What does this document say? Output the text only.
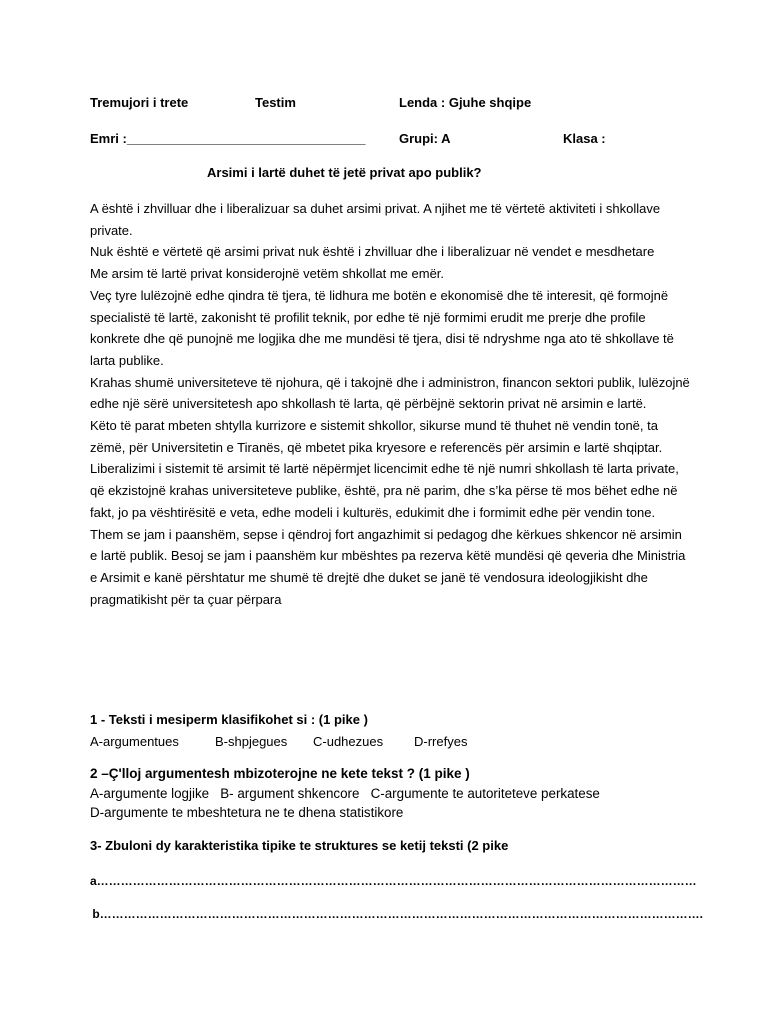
Tremujori i trete	Testim	Lenda : Gjuhe shqipe
Emri :_________________________________	Grupi: A	Klasa :
Arsimi i lartë duhet të jetë privat apo publik?

A është i zhvilluar dhe i liberalizuar sa duhet arsimi privat. A njihet me të vërtetë aktiviteti i shkollave private.

Nuk është e vërtetë që arsimi privat nuk është i zhvilluar dhe i liberalizuar në vendet e mesdhetare

Me arsim të lartë privat konsiderojnë vetëm shkollat me emër.

Veç tyre lulëzojnë edhe qindra të tjera, të lidhura me botën e ekonomisë dhe të interesit, që formojnë specialistë të lartë, zakonisht të profilit teknik, por edhe të një formimi erudit me prerje dhe profile konkrete dhe që punojnë me logjika dhe me mundësi të tjera, disi të ndryshme nga ato të shkollave të larta publike.

Krahas shumë universiteteve të njohura, që i takojnë dhe i administron, financon sektori publik, lulëzojnë edhe një sërë universitetesh apo shkollash të larta, që përbëjnë sektorin privat në arsimin e lartë.

Këto të parat mbeten shtylla kurrizore e sistemit shkollor, sikurse mund të thuhet në vendin tonë, ta zëmë, për Universitetin e Tiranës, që mbetet pika kryesore e referencës për arsimin e lartë shqiptar.

Liberalizimi i sistemit të arsimit të lartë nëpërmjet licencimit edhe të një numri shkollash të larta private, që ekzistojnë krahas universiteteve publike, është, pra në parim, dhe s’ka përse të mos bëhet edhe në fakt, jo pa vështirësitë e veta, edhe modeli i kulturës, edukimit dhe i formimit edhe për vendin tone.

Them se jam i paanshëm, sepse i qëndroj fort angazhimit si pedagog dhe kërkues shkencor në arsimin e lartë publik. Besoj se jam i paanshëm kur mbështes pa rezerva këtë mundësi që qeveria dhe Ministria e Arsimit e kanë përshtatur me shumë të drejtë dhe duket se janë të vendosura ideologjikisht dhe pragmatikisht për ta çuar përpara

1 - Teksti i mesiperm klasifikohet si : (1 pike )
A-argumentues	B-shpjegues C-udhezues D-rrefyes
2 –Ç'lloj argumentesh mbizoterojne ne kete tekst ? (1 pike )
A-argumente logjike   B- argument shkencore   C-argumente te autoriteteve perkatese
D-argumente te mbeshtetura ne te dhena statistikore
3- Zbuloni dy karakteristika tipike te struktures se ketij teksti (2 pike
a……………………………………………………………………………………………………………………………………
b…………………………………………………………………………………………………………………………………….
